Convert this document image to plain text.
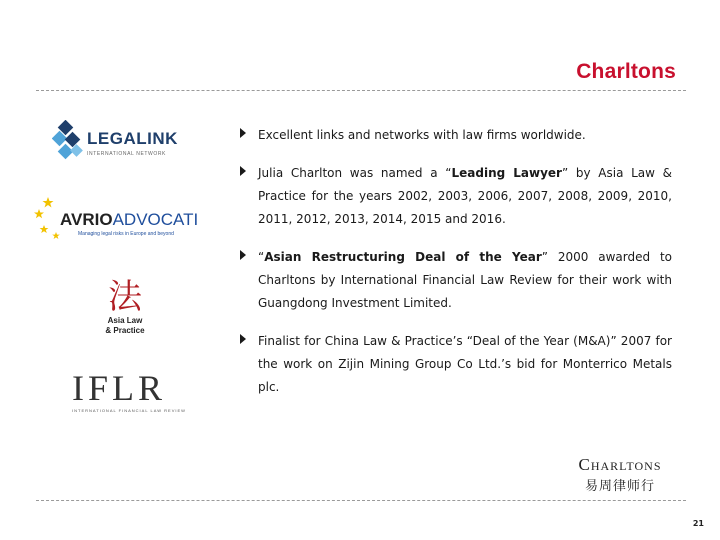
Charltons
LEGALINK
INTERNATIONAL NETWORK
AVRIOADVOCATI
Managing legal risks in Europe and beyond
法
Asia Law
& Practice
IFLR
INTERNATIONAL FINANCIAL LAW REVIEW
Excellent links and networks with law firms worldwide.
Julia Charlton was named a “Leading Lawyer” by Asia Law & Practice for the years 2002, 2003, 2006, 2007, 2008, 2009, 2010, 2011, 2012, 2013, 2014, 2015 and 2016.
“Asian Restructuring Deal of the Year” 2000 awarded to Charltons by International Financial Law Review for their work with Guangdong Investment Limited.
Finalist for China Law & Practice’s “Deal of the Year (M&A)” 2007 for the work on Zijin Mining Group Co Ltd.’s bid for Monterrico Metals plc.
Charltons
易周律师行
21
